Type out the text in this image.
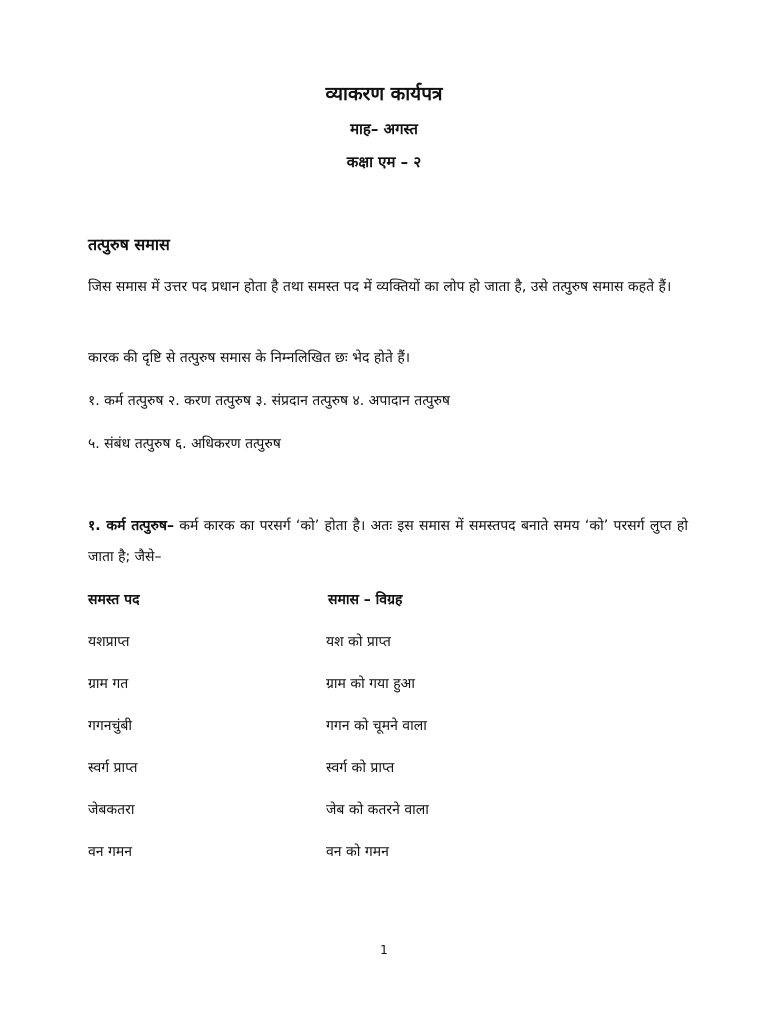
व्याकरण कार्यपत्र
माह– अगस्त
कक्षा एम – २
तत्पुरुष समास
जिस समास में उत्तर पद प्रधान होता है तथा समस्त पद में व्यक्तियों का लोप हो जाता है, उसे तत्पुरुष समास कहते हैं।
कारक की दृष्टि से तत्पुरुष समास के निम्नलिखित छः भेद होते हैं।
१. कर्म तत्पुरुष २. करण तत्पुरुष ३. संप्रदान तत्पुरुष ४. अपादान तत्पुरुष
५. संबंध तत्पुरुष ६. अधिकरण तत्पुरुष
१. कर्म तत्पुरुष– कर्म कारक का परसर्ग ‘को’ होता है। अतः इस समास में समस्तपद बनाते समय ‘को’ परसर्ग लुप्त हो जाता है; जैसे–
समस्त पद	समास – विग्रह
यशप्राप्त	यश को प्राप्त
ग्राम गत	ग्राम को गया हुआ
गगनचुंबी	गगन को चूमने वाला
स्वर्ग प्राप्त	स्वर्ग को प्राप्त
जेबकतरा	जेब को कतरने वाला
वन गमन	वन को गमन
1
